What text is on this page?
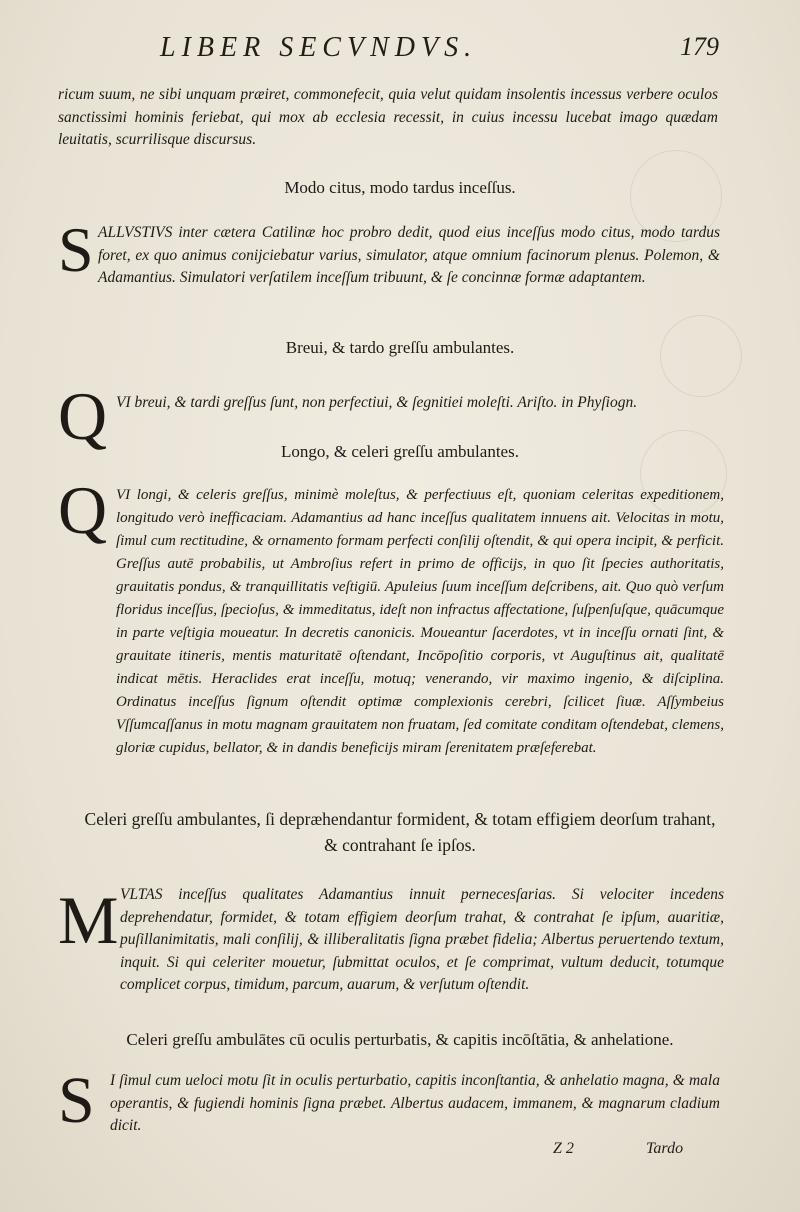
LIBER SECVNDVS.	179
ricum suum, ne sibi unquam præiret, commonefecit, quia velut quidam insolentis incessus verbere oculos sanctissimi hominis feriebat, qui mox ab ecclesia recessit, in cuius incessu lucebat imago quædam leuitatis, scurrilisque discursus.
Modo citus, modo tardus inceſſus.
S ALLVSTIVS inter cætera Catilinæ hoc probro dedit, quod eius inceſſus modo citus, modo tardus foret, ex quo animus conijciebatur varius, simulator, atque omnium facinorum plenus. Polemon, & Adamantius. Simulatori verſatilem inceſſum tribuunt, & ſe concinnæ formæ adaptantem.
Breui, & tardo greſſu ambulantes.
Q VI breui, & tardi greſſus ſunt, non perfectiui, & ſegnitiei moleſti. Ariſto. in Phyſiogn.
Longo, & celeri greſſu ambulantes.
Q VI longi, & celeris greſſus, minimè moleſtus, & perfectiuus eſt, quoniam celeritas expeditionem, longitudo verò inefficaciam. Adamantius ad hanc inceſſus qualitatem innuens ait. Velocitas in motu, ſimul cum rectitudine, & ornamento formam perfecti conſilij oſtendit, & qui opera incipit, & perficit. Greſſus autē probabilis, ut Ambroſius refert in primo de officijs, in quo ſit ſpecies authoritatis, grauitatis pondus, & tranquillitatis veſtigiū. Apuleius ſuum inceſſum deſcribens, ait. Quo quò verſum floridus inceſſus, ſpecioſus, & immeditatus, ideſt non infractus affectatione, ſuſpenſuſque, quācumque in parte veſtigia moueatur. In decretis canonicis. Moueantur ſacerdotes, vt in inceſſu ornati ſint, & grauitate itineris, mentis maturitatē oſtendant, Incōpoſitio corporis, vt Auguſtinus ait, qualitatē indicat mētis. Heraclides erat inceſſu, motuq; venerando, vir maximo ingenio, & diſciplina. Ordinatus inceſſus ſignum oſtendit optimæ complexionis cerebri, ſcilicet ſiuæ. Aſſymbeius Vſſumcaſſanus in motu magnam grauitatem non fruatam, ſed comitate conditam oſtendebat, clemens, gloriæ cupidus, bellator, & in dandis beneficijs miram ſerenitatem præſeferebat.
Celeri greſſu ambulantes, ſi depræhendantur formident, & totam effigiem deorſum trahant, & contrahant ſe ipſos.
M VLTAS inceſſus qualitates Adamantius innuit pernecesſarias. Si velociter incedens deprehendatur, formidet, & totam effigiem deorſum trahat, & contrahat ſe ipſum, auaritiæ, puſillanimitatis, mali conſilij, & illiberalitatis ſigna præbet fidelia; Albertus peruertendo textum, inquit. Si qui celeriter mouetur, ſubmittat oculos, et ſe comprimat, vultum deducit, totumque complicet corpus, timidum, parcum, auarum, & verſutum oſtendit.
Celeri greſſu ambulātes cū oculis perturbatis, & capitis incōſtātia, & anhelatione.
S I ſimul cum ueloci motu ſit in oculis perturbatio, capitis inconſtantia, & anhelatio magna, & mala operantis, & fugiendi hominis ſigna præbet. Albertus audacem, immanem, & magnarum cladium dicit.
Z 2	Tardo
